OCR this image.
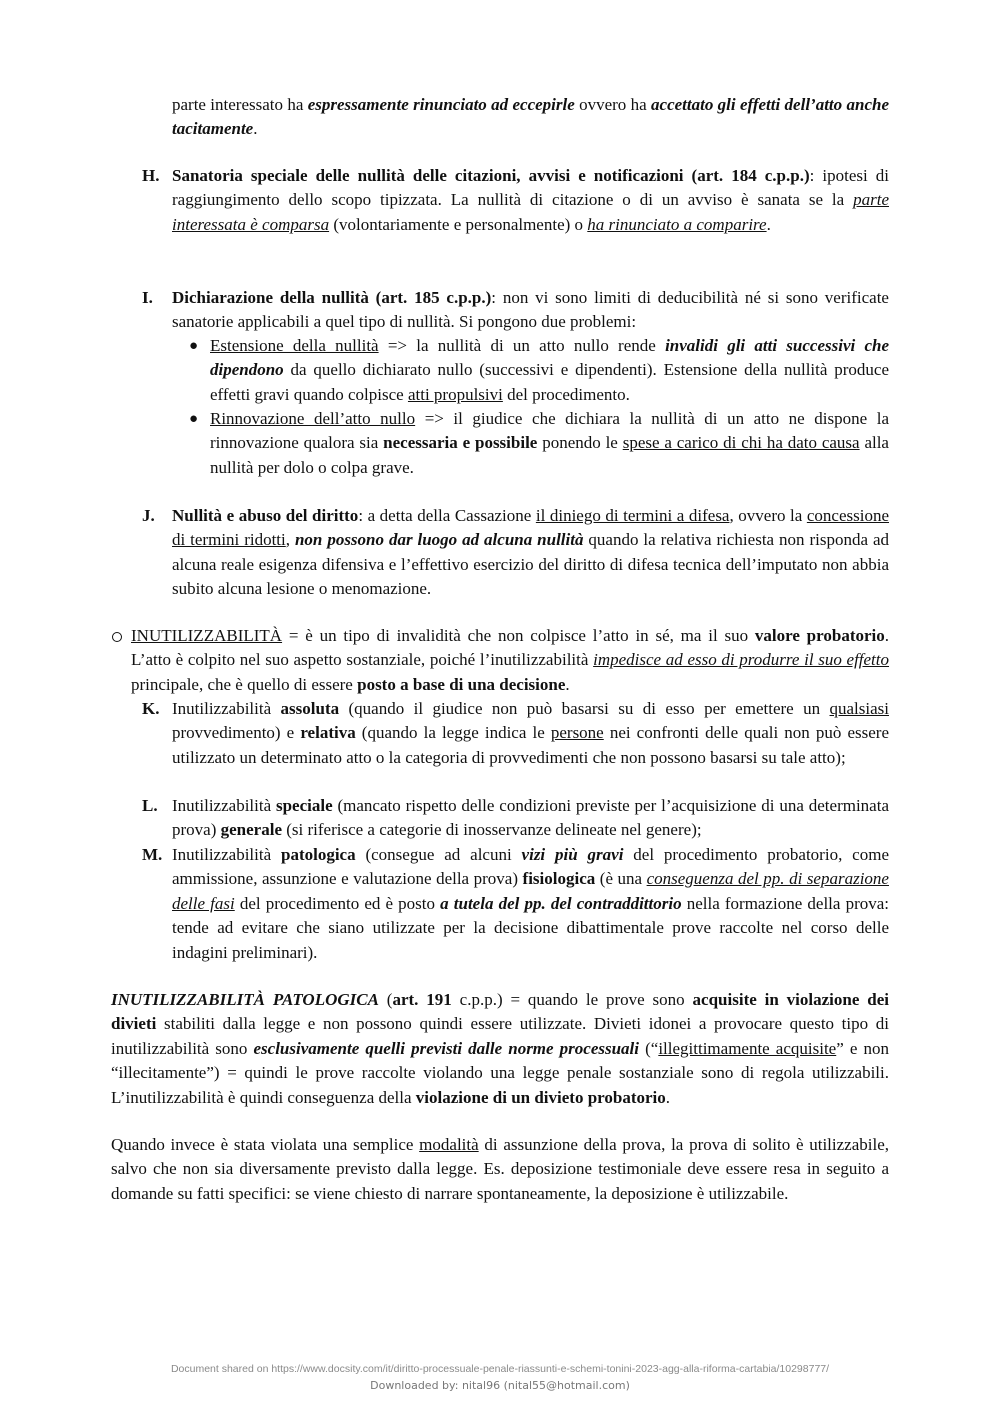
parte interessato ha espressamente rinunciato ad eccepirle ovvero ha accettato gli effetti dell’atto anche tacitamente.

H. Sanatoria speciale delle nullità delle citazioni, avvisi e notificazioni (art. 184 c.p.p.): ipotesi di raggiungimento dello scopo tipizzata. La nullità di citazione o di un avviso è sanata se la parte interessata è comparsa (volontariamente e personalmente) o ha rinunciato a comparire.

I. Dichiarazione della nullità (art. 185 c.p.p.): non vi sono limiti di deducibilità né si sono verificate sanatorie applicabili a quel tipo di nullità. Si pongono due problemi:

● Estensione della nullità => la nullità di un atto nullo rende invalidi gli atti successivi che dipendono da quello dichiarato nullo (successivi e dipendenti). Estensione della nullità produce effetti gravi quando colpisce atti propulsivi del procedimento.

● Rinnovazione dell’atto nullo => il giudice che dichiara la nullità di un atto ne dispone la rinnovazione qualora sia necessaria e possibile ponendo le spese a carico di chi ha dato causa alla nullità per dolo o colpa grave.

J. Nullità e abuso del diritto: a detta della Cassazione il diniego di termini a difesa, ovvero la concessione di termini ridotti, non possono dar luogo ad alcuna nullità quando la relativa richiesta non risponda ad alcuna reale esigenza difensiva e l’effettivo esercizio del diritto di difesa tecnica dell’imputato non abbia subito alcuna lesione o menomazione.

INUTILIZZABILITÀ = è un tipo di invalidità che non colpisce l’atto in sé, ma il suo valore probatorio. L’atto è colpito nel suo aspetto sostanziale, poiché l’inutilizzabilità impedisce ad esso di produrre il suo effetto principale, che è quello di essere posto a base di una decisione.

K. Inutilizzabilità assoluta (quando il giudice non può basarsi su di esso per emettere un qualsiasi provvedimento) e relativa (quando la legge indica le persone nei confronti delle quali non può essere utilizzato un determinato atto o la categoria di provvedimenti che non possono basarsi su tale atto);

L. Inutilizzabilità speciale (mancato rispetto delle condizioni previste per l’acquisizione di una determinata prova) generale (si riferisce a categorie di inosservanze delineate nel genere);

M. Inutilizzabilità patologica (consegue ad alcuni vizi più gravi del procedimento probatorio, come ammissione, assunzione e valutazione della prova) fisiologica (è una conseguenza del pp. di separazione delle fasi del procedimento ed è posto a tutela del pp. del contraddittorio nella formazione della prova: tende ad evitare che siano utilizzate per la decisione dibattimentale prove raccolte nel corso delle indagini preliminari).

INUTILIZZABILITÀ PATOLOGICA (art. 191 c.p.p.) = quando le prove sono acquisite in violazione dei divieti stabiliti dalla legge e non possono quindi essere utilizzate. Divieti idonei a provocare questo tipo di inutilizzabilità sono esclusivamente quelli previsti dalle norme processuali (“illegittimamente acquisite” e non “illecitamente”) = quindi le prove raccolte violando una legge penale sostanziale sono di regola utilizzabili. L’inutilizzabilità è quindi conseguenza della violazione di un divieto probatorio.

Quando invece è stata violata una semplice modalità di assunzione della prova, la prova di solito è utilizzabile, salvo che non sia diversamente previsto dalla legge. Es. deposizione testimoniale deve essere resa in seguito a domande su fatti specifici: se viene chiesto di narrare spontaneamente, la deposizione è utilizzabile.

Document shared on https://www.docsity.com/it/diritto-processuale-penale-riassunti-e-schemi-tonini-2023-agg-alla-riforma-cartabia/10298777/
Downloaded by: nital96 (nital55@hotmail.com)
